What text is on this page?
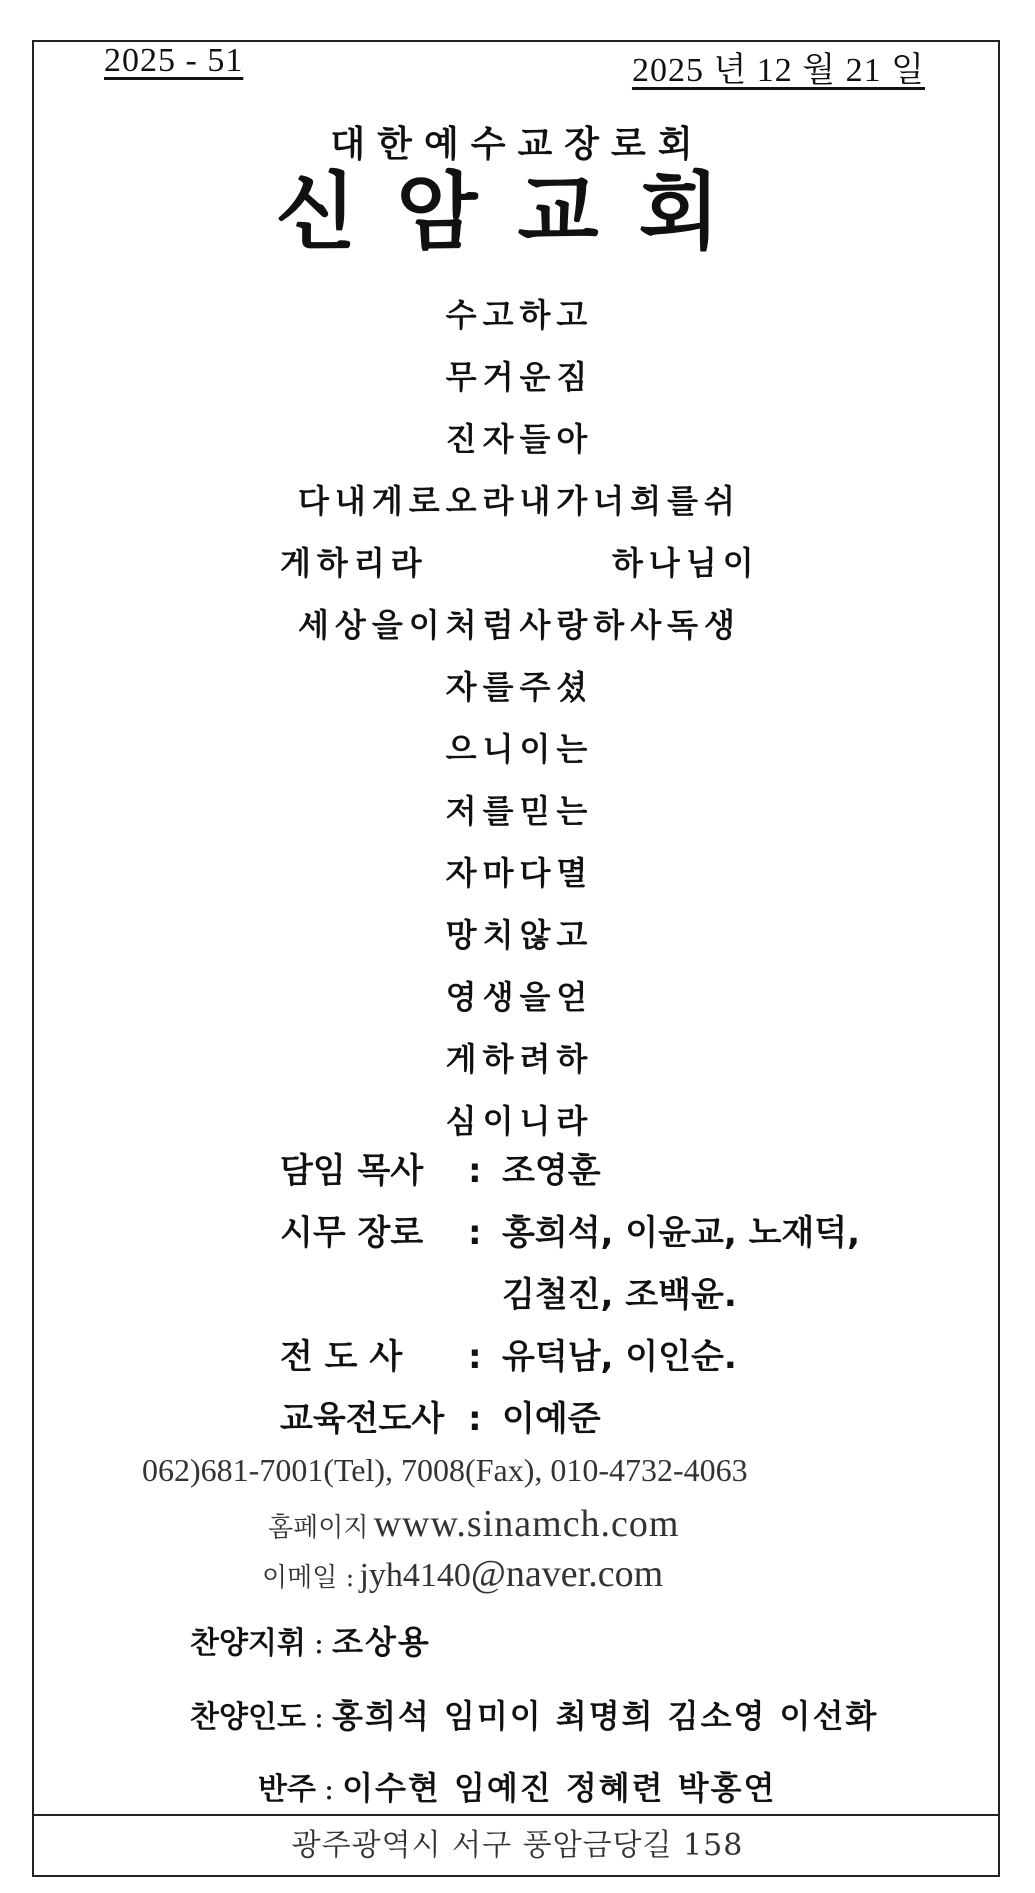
2025 - 51	2025 년 12 월 21 일
대한예수교장로회
신암교회
수고하고
무거운짐
진자들아
다내게로오라내가너희를쉬
게하리라	하나님이
세상을이처럼사랑하사독생
자를주셨
으니이는
저를믿는
자마다멸
망치않고
영생을얻
게하려하
심이니라
담임 목사	: 조영훈
시무 장로	: 홍희석, 이윤교, 노재덕,
김철진, 조백윤.
전 도 사	: 유덕남, 이인순.
교육전도사 : 이예준
062)681-7001(Tel), 7008(Fax), 010-4732-4063
홈페이지 www.sinamch.com
이메일 : jyh4140@naver.com
찬양지휘 : 조상용
찬양인도 : 홍희석 임미이 최명희 김소영 이선화
반주 : 이수현 임예진 정혜련 박홍연
광주광역시 서구 풍암금당길 158
